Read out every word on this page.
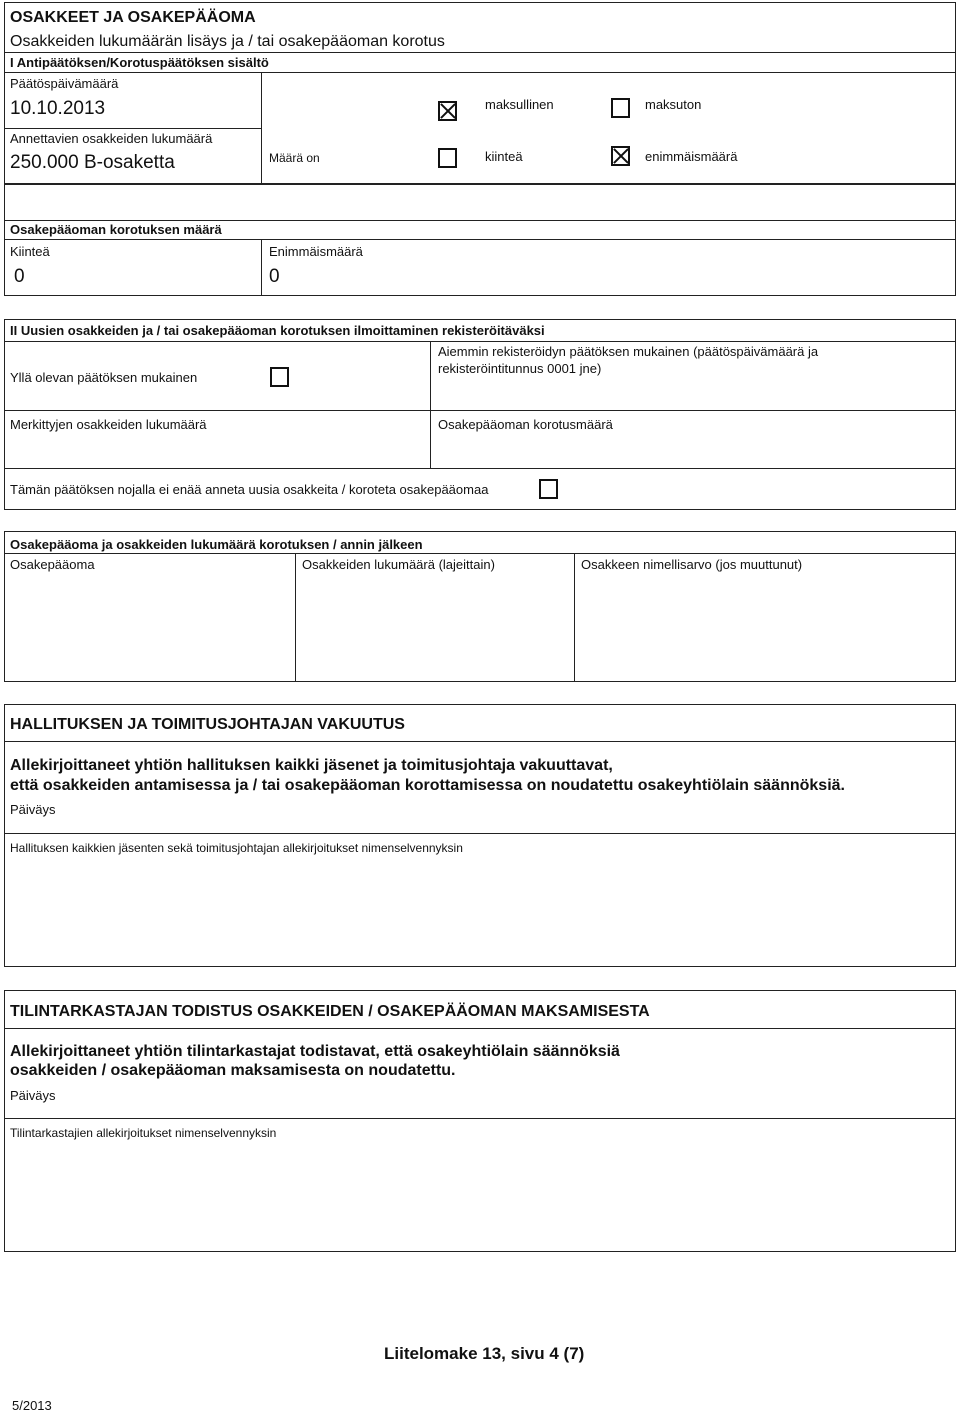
OSAKKEET JA OSAKEPÄÄOMA
Osakkeiden lukumäärän lisäys ja / tai osakepääoman korotus
I Antipäätöksen/Korotuspäätöksen sisältö
Päätöspäivämäärä
10.10.2013	maksullinen	maksuton
Annettavien osakkeiden lukumäärä
250.000 B-osaketta	Määrä on	kiinteä	enimmäismäärä
Osakepääoman korotuksen määrä
Kiinteä
0
Enimmäismäärä
0
II Uusien osakkeiden ja / tai osakepääoman korotuksen ilmoittaminen rekisteröitäväksi
Yllä olevan päätöksen mukainen
Aiemmin rekisteröidyn päätöksen mukainen (päätöspäivämäärä ja
rekisteröintitunnus 0001 jne)
Merkittyjen osakkeiden lukumäärä	Osakepääoman korotusmäärä
Tämän päätöksen nojalla ei enää anneta uusia osakkeita / koroteta osakepääomaa
Osakepääoma ja osakkeiden lukumäärä korotuksen / annin jälkeen
Osakepääoma	Osakkeiden lukumäärä (lajeittain)	Osakkeen nimellisarvo (jos muuttunut)
HALLITUKSEN JA TOIMITUSJOHTAJAN VAKUUTUS
Allekirjoittaneet yhtiön hallituksen kaikki jäsenet ja toimitusjohtaja vakuuttavat,
että osakkeiden antamisessa ja / tai osakepääoman korottamisessa on noudatettu osakeyhtiölain säännöksiä.
Päiväys
Hallituksen kaikkien jäsenten sekä toimitusjohtajan allekirjoitukset nimenselvennyksin
TILINTARKASTAJAN TODISTUS OSAKKEIDEN / OSAKEPÄÄOMAN MAKSAMISESTA
Allekirjoittaneet yhtiön tilintarkastajat todistavat, että osakeyhtiölain säännöksiä
osakkeiden / osakepääoman maksamisesta on noudatettu.
Päiväys
Tilintarkastajien allekirjoitukset nimenselvennyksin
Liitelomake 13, sivu 4 (7)
5/2013
